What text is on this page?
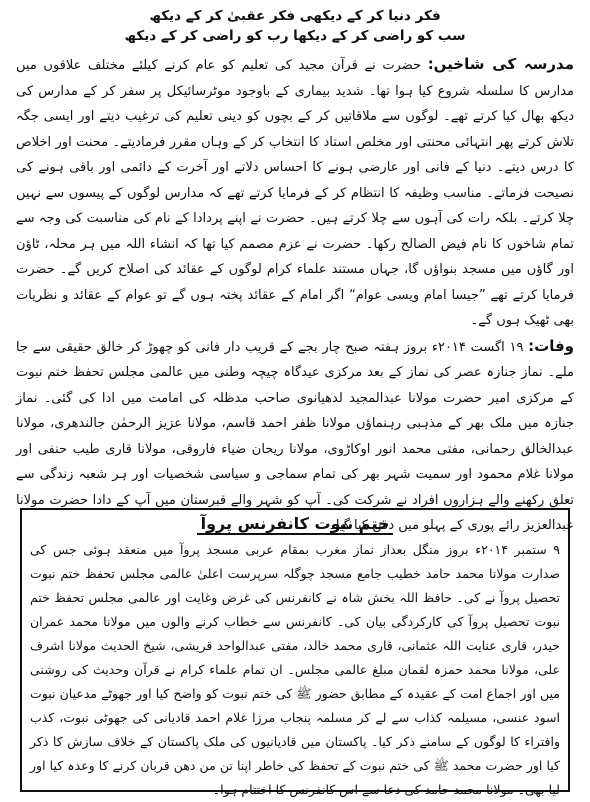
فکر دنیا کر کے دیکھی فکر عقبیٰ کر کے دیکھ
سب کو راضی کر کے دیکھا رب کو راضی کر کے دیکھ

مدرسہ کی شاخیں: حضرت نے قرآن مجید کی تعلیم کو عام کرنے کیلئے مختلف علاقوں میں مدارس کا سلسلہ شروع کیا ہوا تھا۔ شدید بیماری کے باوجود موٹرسائیکل پر سفر کر کے مدارس کی دیکھ بھال کیا کرتے تھے۔ لوگوں سے ملاقاتیں کر کے بچوں کو دینی تعلیم کی ترغیب دیتے اور ایسی جگہ تلاش کرتے پھر انتہائی محنتی اور مخلص استاد کا انتخاب کر کے وہاں مقرر فرمادیتے۔ محنت اور اخلاص کا درس دیتے۔ دنیا کے فانی اور عارضی ہونے کا احساس دلاتے اور آخرت کے دائمی اور باقی ہونے کی نصیحت فرماتے۔ مناسب وظیفہ کا انتظام کر کے فرمایا کرتے تھے کہ مدارس لوگوں کے پیسوں سے نہیں چلا کرتے۔ بلکہ رات کی آہوں سے چلا کرتے ہیں۔ حضرت نے اپنے پردادا کے نام کی مناسبت کی وجہ سے تمام شاخوں کا نام فیض الصالح رکھا۔ حضرت نے عزم مصمم کیا تھا کہ انشاء اللہ میں ہر محلہ، ٹاؤن اور گاؤں میں مسجد بنواؤں گا، جہاں مستند علماء کرام لوگوں کے عقائد کی اصلاح کریں گے۔ حضرت فرمایا کرتے تھے ”جیسا امام ویسی عوام“ اگر امام کے عقائد پختہ ہوں گے تو عوام کے عقائد و نظریات بھی ٹھیک ہوں گے۔

وفات: ۱۹ اگست ۲۰۱۴ء بروز ہفتہ صبح چار بجے کے قریب دار فانی کو چھوڑ کر خالق حقیقی سے جا ملے۔ نماز جنازہ عصر کی نماز کے بعد مرکزی عیدگاہ چیچہ وطنی میں عالمی مجلس تحفظ ختم نبوت کے مرکزی امیر حضرت مولانا عبدالمجید لدھیانوی صاحب مدظلہ کی امامت میں ادا کی گئی۔ نماز جنازہ میں ملک بھر کے مذہبی رہنماؤں مولانا ظفر احمد قاسم، مولانا عزیز الرحمٰن جالندھری، مولانا عبدالخالق رحمانی، مفتی محمد انور اوکاڑوی، مولانا ریحان ضیاء فاروقی، مولانا قاری طیب حنفی اور مولانا غلام محمود اور سمیت شہر بھر کی تمام سماجی و سیاسی شخصیات اور ہر شعبہ زندگی سے تعلق رکھنے والے ہزاروں افراد نے شرکت کی۔ آپ کو شہر والے قبرستان میں آپ کے دادا حضرت مولانا عبدالعزیز رائے پوری کے پہلو میں دفن کیا گیا۔

ختم نبوت کانفرنس پروآ

۹ ستمبر ۲۰۱۴ء بروز منگل بعداز نماز مغرب بمقام عربی مسجد پروآ میں منعقد ہوئی جس کی صدارت مولانا محمد حامد خطیب جامع مسجد چوگلہ سرپرست اعلیٰ عالمی مجلس تحفظ ختم نبوت تحصیل پروآ نے کی۔ حافظ اللہ بخش شاہ نے کانفرنس کی غرض وغایت اور عالمی مجلس تحفظ ختم نبوت تحصیل پروآ کی کارکردگی بیان کی۔ کانفرنس سے خطاب کرنے والوں میں مولانا محمد عمران حیدر، قاری عنایت اللہ عثمانی، قاری محمد خالد، مفتی عبدالواحد قریشی، شیخ الحدیث مولانا اشرف علی، مولانا محمد حمزہ لقمان مبلغ عالمی مجلس۔ ان تمام علماء کرام نے قرآن وحدیث کی روشنی میں اور اجماع امت کے عقیدہ کے مطابق حضور ﷺ کی ختم نبوت کو واضح کیا اور جھوٹے مدعیان نبوت اسود عنسی، مسیلمہ کذاب سے لے کر مسلمہ پنجاب مرزا غلام احمد قادیانی کی جھوٹی نبوت، کذب وافتراء کا لوگوں کے سامنے ذکر کیا۔ پاکستان میں قادیانیوں کی ملک پاکستان کے خلاف سازش کا ذکر کیا اور حضرت محمد ﷺ کی ختم نبوت کے تحفظ کی خاطر اپنا تن من دھن قربان کرنے کا وعدہ کیا اور لیا بھی۔ مولانا محمد حامد کی دعا سے اس کانفرنس کا اختتام ہوا۔
